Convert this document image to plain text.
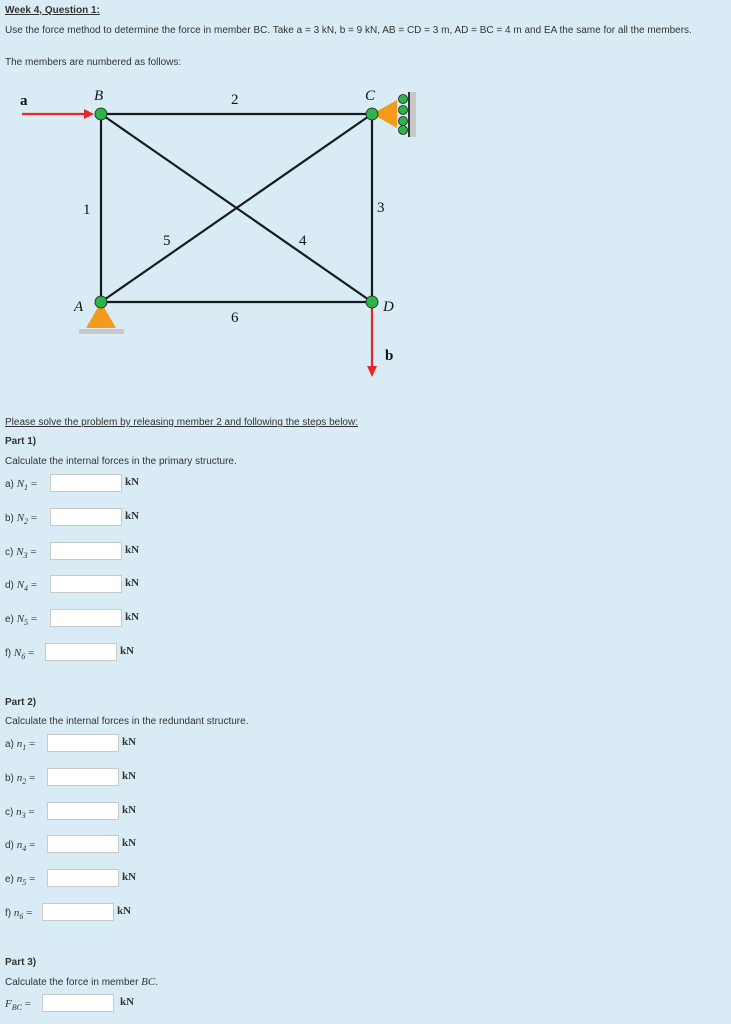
Week 4, Question 1:
Use the force method to determine the force in member BC. Take a = 3 kN, b = 9 kN, AB = CD = 3 m, AD = BC = 4 m and EA the same for all the members.
The members are numbered as follows:
B	C
A	D
1
2
3
4
5
6
a
b
Please solve the problem by releasing member 2 and following the steps below:
Part 1)
Calculate the internal forces in the primary structure.
a) $N_1$ =	kN
b) $N_2$ =	kN
c) $N_3$ =	kN
d) $N_4$ =	kN
e) $N_5$ =	kN
f) $N_6$ =	kN
Part 2)
Calculate the internal forces in the redundant structure.
a) $n_1$ =	kN
b) $n_2$ =	kN
c) $n_3$ =	kN
d) $n_4$ =	kN
e) $n_5$ =	kN
f) $n_6$ =	kN
Part 3)
Calculate the force in member BC.
$F_{BC}$ =	kN
